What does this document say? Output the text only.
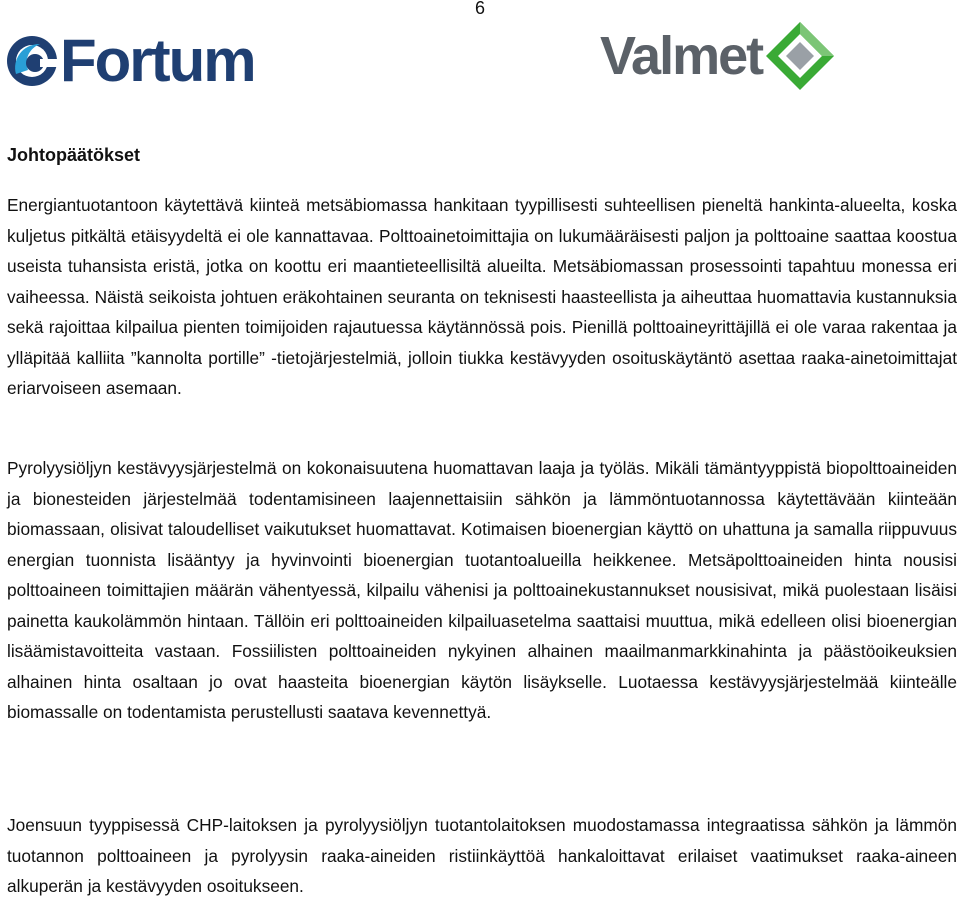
6
Fortum	Valmet
Johtopäätökset

Energiantuotantoon käytettävä kiinteä metsäbiomassa hankitaan tyypillisesti suhteellisen pieneltä hankinta-alueelta, koska kuljetus pitkältä etäisyydeltä ei ole kannattavaa. Polttoainetoimittajia on lukumääräisesti paljon ja polttoaine saattaa koostua useista tuhansista eristä, jotka on koottu eri maantieteellisiltä alueilta. Metsäbiomassan prosessointi tapahtuu monessa eri vaiheessa. Näistä seikoista johtuen eräkohtainen seuranta on teknisesti haasteellista ja aiheuttaa huomattavia kustannuksia sekä rajoittaa kilpailua pienten toimijoiden rajautuessa käytännössä pois. Pienillä polttoaineyrittäjillä ei ole varaa rakentaa ja ylläpitää kalliita ”kannolta portille” -tietojärjestelmiä, jolloin tiukka kestävyyden osoituskäytäntö asettaa raaka-ainetoimittajat eriarvoiseen asemaan.

Pyrolyysiöljyn kestävyysjärjestelmä on kokonaisuutena huomattavan laaja ja työläs. Mikäli tämäntyyppistä biopolttoaineiden ja bionesteiden järjestelmää todentamisineen laajennettaisiin sähkön ja lämmöntuotannossa käytettävään kiinteään biomassaan, olisivat taloudelliset vaikutukset huomattavat. Kotimaisen bioenergian käyttö on uhattuna ja samalla riippuvuus energian tuonnista lisääntyy ja hyvinvointi bioenergian tuotantoalueilla heikkenee. Metsäpolttoaineiden hinta nousisi polttoaineen toimittajien määrän vähentyessä, kilpailu vähenisi ja polttoainekustannukset nousisivat, mikä puolestaan lisäisi painetta kaukolämmön hintaan. Tällöin eri polttoaineiden kilpailuasetelma saattaisi muuttua, mikä edelleen olisi bioenergian lisäämistavoitteita vastaan. Fossiilisten polttoaineiden nykyinen alhainen maailmanmarkkinahinta ja päästöoikeuksien alhainen hinta osaltaan jo ovat haasteita bioenergian käytön lisäykselle. Luotaessa kestävyysjärjestelmää kiinteälle biomassalle on todentamista perustellusti saatava kevennettyä.

Joensuun tyyppisessä CHP-laitoksen ja pyrolyysiöljyn tuotantolaitoksen muodostamassa integraatissa sähkön ja lämmön tuotannon polttoaineen ja pyrolyysin raaka-aineiden ristiinkäyttöä hankaloittavat erilaiset vaatimukset raaka-aineen alkuperän ja kestävyyden osoitukseen.
